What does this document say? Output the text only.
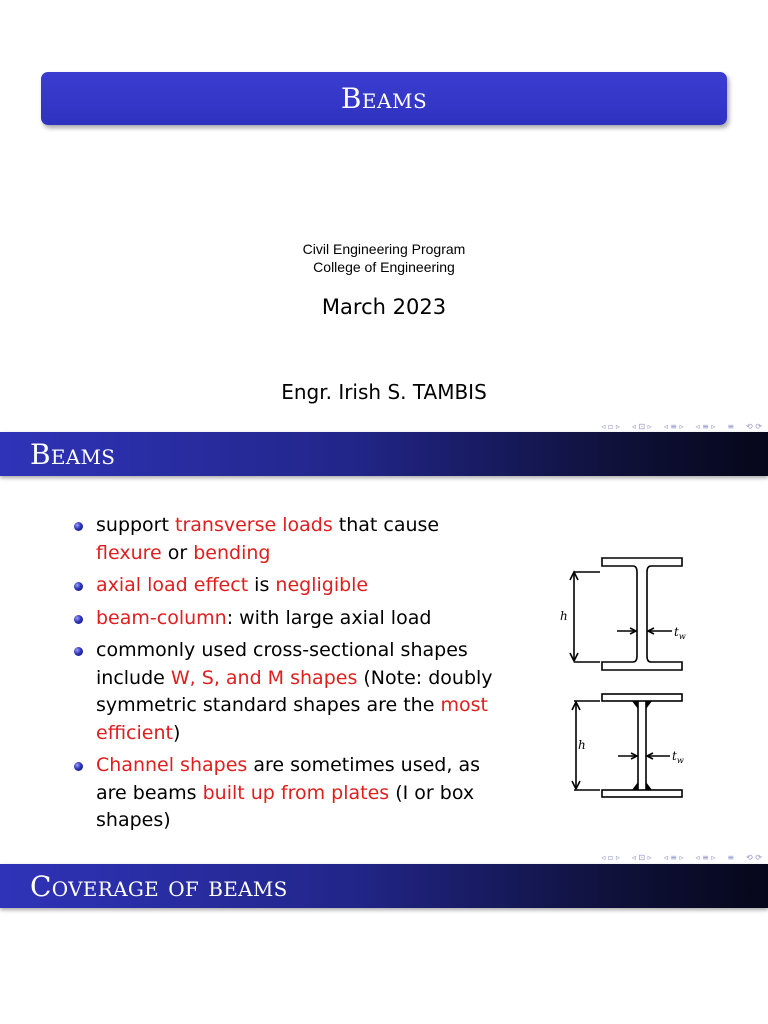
Beams
Civil Engineering Program
College of Engineering
March 2023
Engr. Irish S. TAMBIS
◃ ▫ ▹ ◃ ⊡ ▹ ◃ ≡ ▹ ◃ ≡ ▹ ≡ ⟲ ⟳
Beams
support transverse loads that cause flexure or bending
axial load effect is negligible
beam-column: with large axial load
commonly used cross-sectional shapes include W, S, and M shapes (Note: doubly symmetric standard shapes are the most efficient)
Channel shapes are sometimes used, as are beams built up from plates (I or box shapes)
h
$t_w$
h
$t_w$
◃ ▫ ▹ ◃ ⊡ ▹ ◃ ≡ ▹ ◃ ≡ ▹ ≡ ⟲ ⟳
Coverage of beams
